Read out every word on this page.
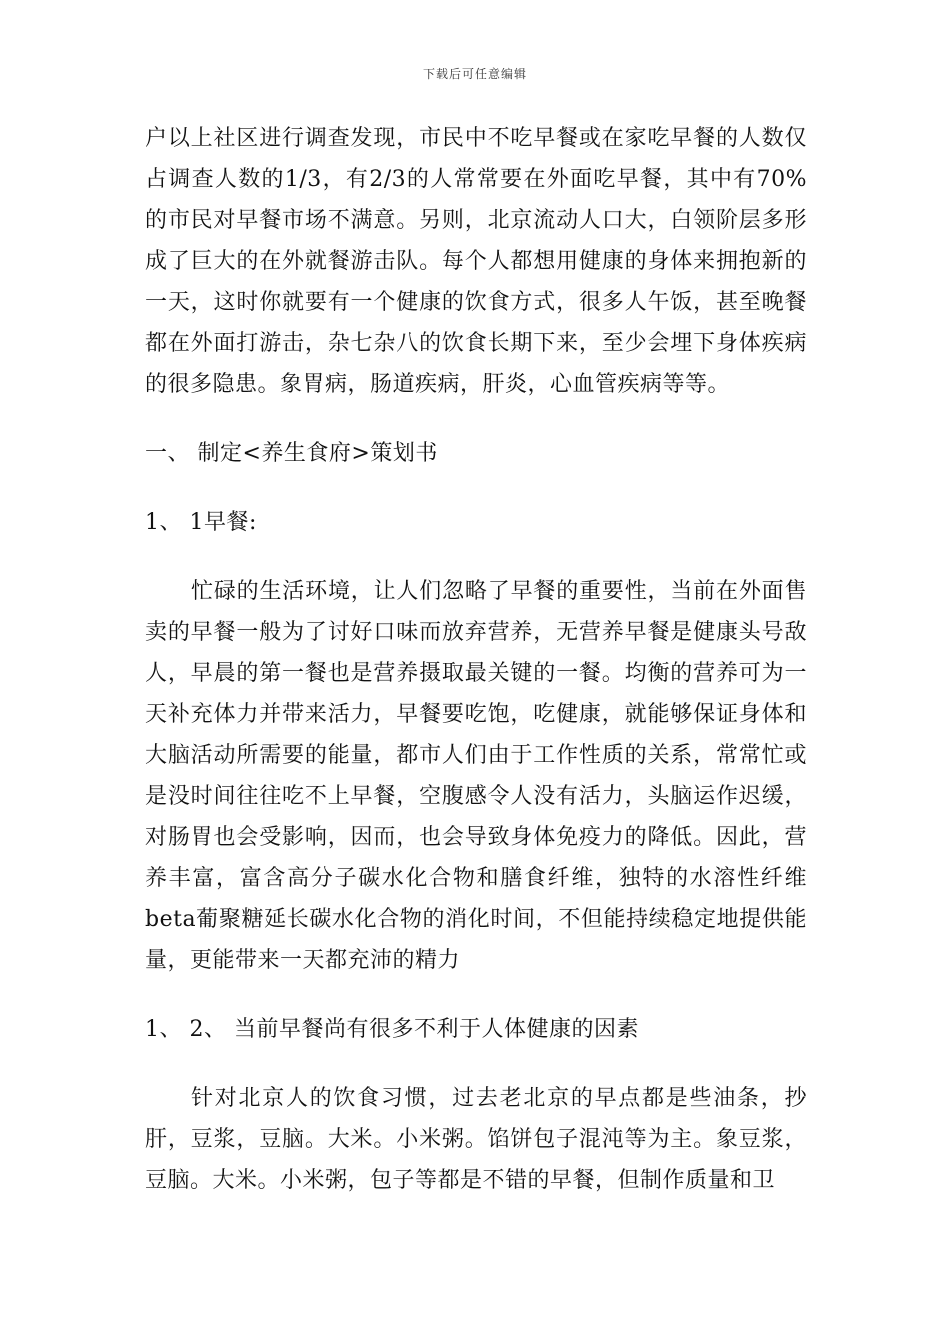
下载后可任意编辑

户以上社区进行调查发现，市民中不吃早餐或在家吃早餐的人数仅占调查人数的1/3，有2/3的人常常要在外面吃早餐，其中有70%的市民对早餐市场不满意。另则，北京流动人口大，白领阶层多形成了巨大的在外就餐游击队。每个人都想用健康的身体来拥抱新的一天，这时你就要有一个健康的饮食方式，很多人午饭，甚至晚餐都在外面打游击，杂七杂八的饮食长期下来，至少会埋下身体疾病的很多隐患。象胃病，肠道疾病，肝炎，心血管疾病等等。

一、 制定<养生食府>策划书

1、 1早餐:

忙碌的生活环境，让人们忽略了早餐的重要性，当前在外面售卖的早餐一般为了讨好口味而放弃营养，无营养早餐是健康头号敌人，早晨的第一餐也是营养摄取最关键的一餐。均衡的营养可为一天补充体力并带来活力，早餐要吃饱，吃健康，就能够保证身体和大脑活动所需要的能量，都市人们由于工作性质的关系，常常忙或是没时间往往吃不上早餐，空腹感令人没有活力，头脑运作迟缓，对肠胃也会受影响，因而，也会导致身体免疫力的降低。因此，营养丰富，富含高分子碳水化合物和膳食纤维，独特的水溶性纤维beta葡聚糖延长碳水化合物的消化时间，不但能持续稳定地提供能量，更能带来一天都充沛的精力

1、 2、 当前早餐尚有很多不利于人体健康的因素

针对北京人的饮食习惯，过去老北京的早点都是些油条，抄肝，豆浆，豆脑。大米。小米粥。馅饼包子混沌等为主。象豆浆，豆脑。大米。小米粥，包子等都是不错的早餐，但制作质量和卫
